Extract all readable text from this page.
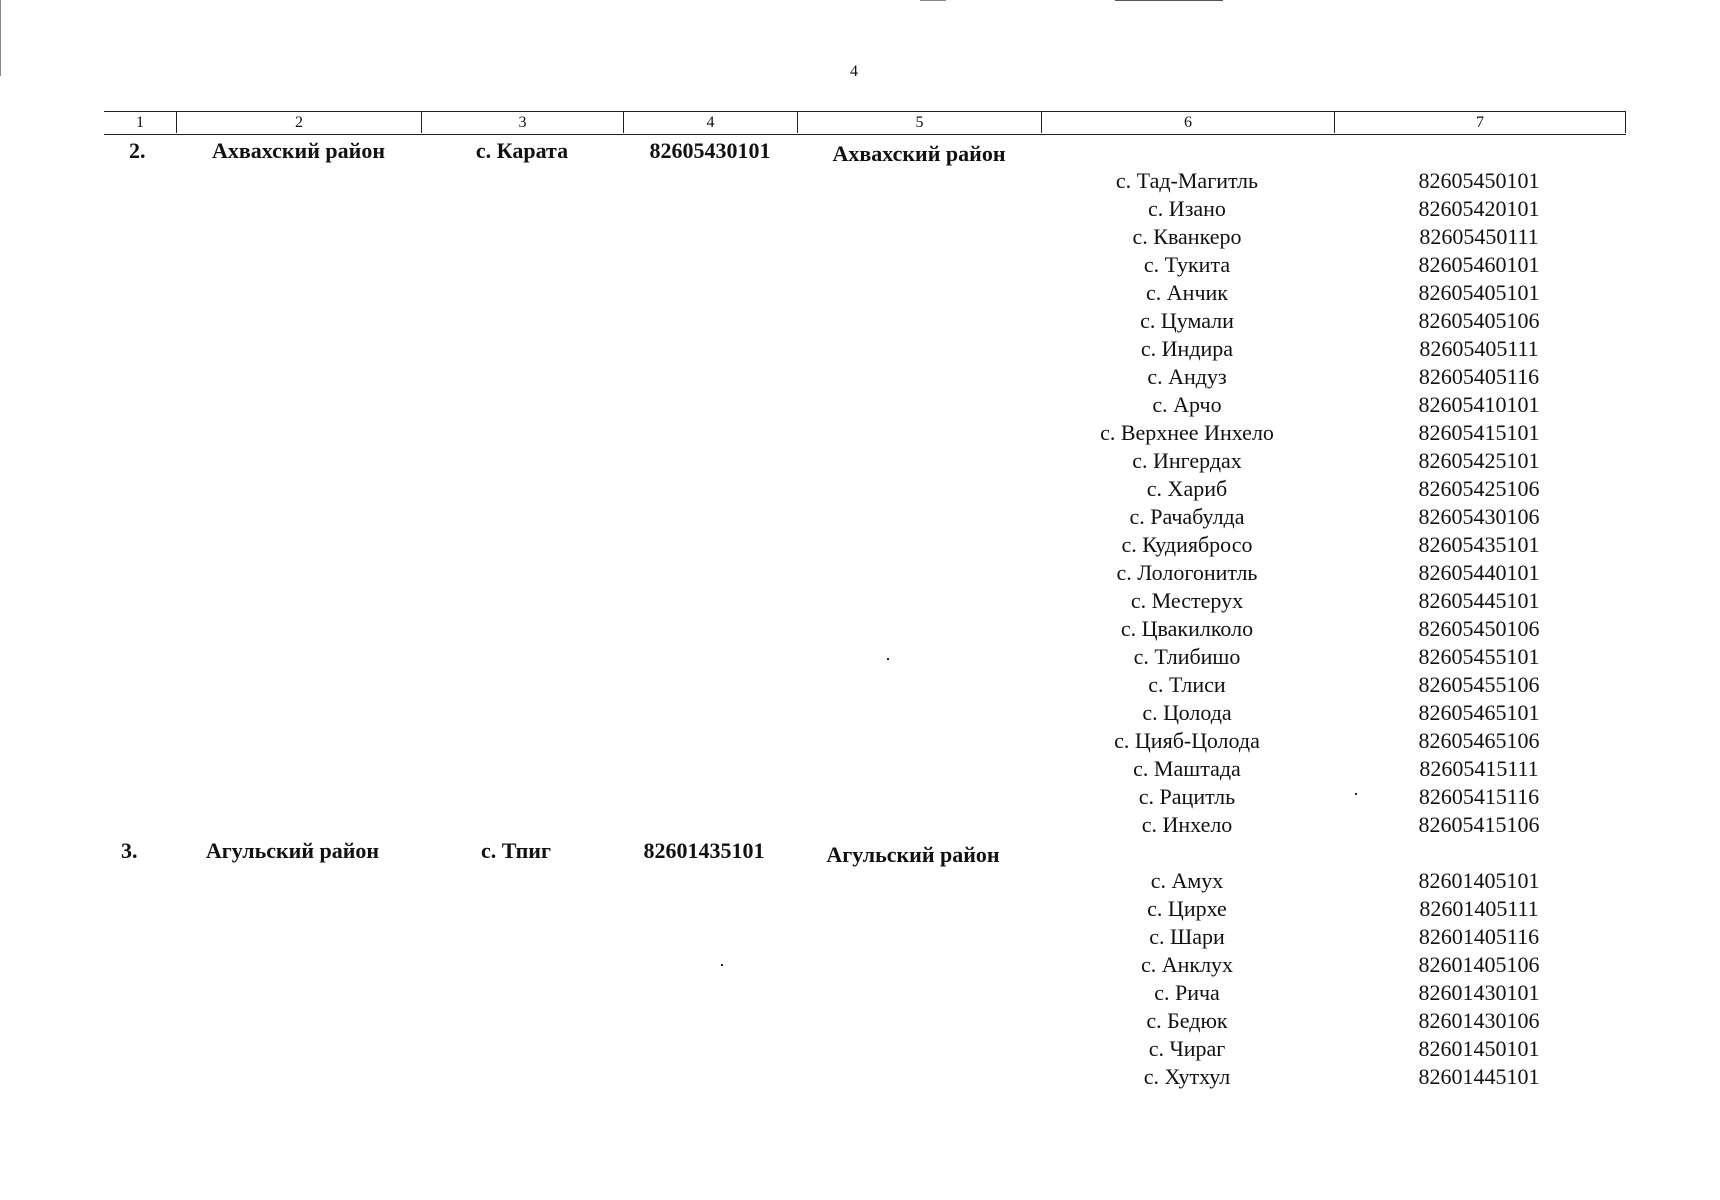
4
1	2	3	4	5	6	7
2.	Ахвахский район	с. Карата	82605430101	Ахвахский район
с. Тад-Магитль	82605450101
с. Изано	82605420101
с. Кванкеро	82605450111
с. Тукита	82605460101
с. Анчик	82605405101
с. Цумали	82605405106
с. Индира	82605405111
с. Андуз	82605405116
с. Арчо	82605410101
с. Верхнее Инхело	82605415101
с. Ингердах	82605425101
с. Хариб	82605425106
с. Рачабулда	82605430106
с. Кудиябросо	82605435101
с. Лологонитль	82605440101
с. Местерух	82605445101
с. Цвакилколо	82605450106
с. Тлибишо	82605455101
с. Тлиси	82605455106
с. Цолода	82605465101
с. Цияб-Цолода	82605465106
с. Маштада	82605415111
с. Рацитль	82605415116
с. Инхело	82605415106
3.	Агульский район	с. Тпиг	82601435101	Агульский район
с. Амух	82601405101
с. Цирхе	82601405111
с. Шари	82601405116
с. Анклух	82601405106
с. Рича	82601430101
с. Бедюк	82601430106
с. Чираг	82601450101
с. Хутхул	82601445101
